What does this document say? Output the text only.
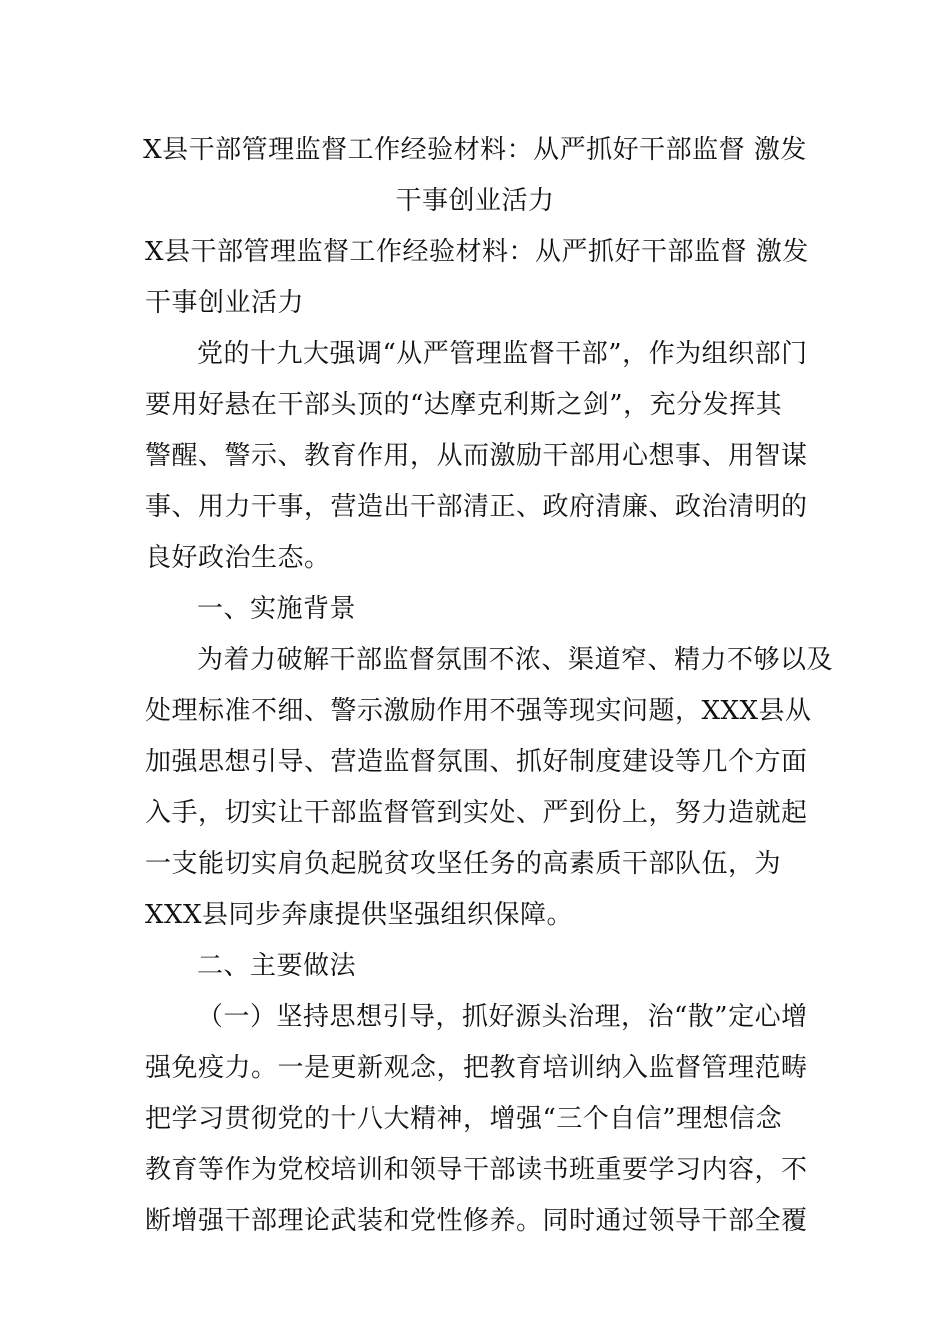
X县干部管理监督工作经验材料：从严抓好干部监督 激发
干事创业活力
X县干部管理监督工作经验材料：从严抓好干部监督 激发
干事创业活力
党的十九大强调“从严管理监督干部”，作为组织部门
要用好悬在干部头顶的“达摩克利斯之剑”，充分发挥其
警醒、警示、教育作用，从而激励干部用心想事、用智谋
事、用力干事，营造出干部清正、政府清廉、政治清明的
良好政治生态。
一、实施背景
为着力破解干部监督氛围不浓、渠道窄、精力不够以及
处理标准不细、警示激励作用不强等现实问题，XXX县从
加强思想引导、营造监督氛围、抓好制度建设等几个方面
入手，切实让干部监督管到实处、严到份上，努力造就起
一支能切实肩负起脱贫攻坚任务的高素质干部队伍，为
XXX县同步奔康提供坚强组织保障。
二、主要做法
（一）坚持思想引导，抓好源头治理，治“散”定心增
强免疫力。一是更新观念，把教育培训纳入监督管理范畴
把学习贯彻党的十八大精神，增强“三个自信”理想信念
教育等作为党校培训和领导干部读书班重要学习内容，不
断增强干部理论武装和党性修养。同时通过领导干部全覆
